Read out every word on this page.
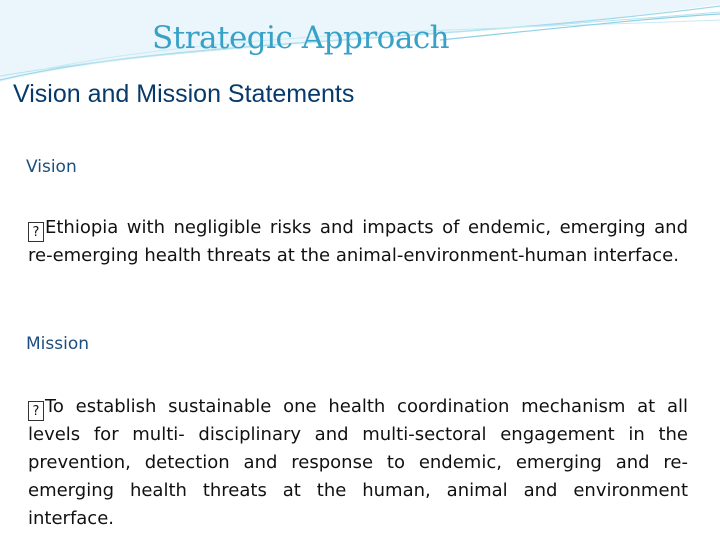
Strategic Approach
Vision and Mission Statements
Vision
? Ethiopia with negligible risks and impacts of endemic, emerging and re-emerging health threats at the animal-environment-human interface.
Mission
? To establish sustainable one health coordination mechanism at all levels for multi- disciplinary and multi-sectoral engagement in the prevention, detection and response to endemic, emerging and re-emerging health threats at the human, animal and environment interface.
